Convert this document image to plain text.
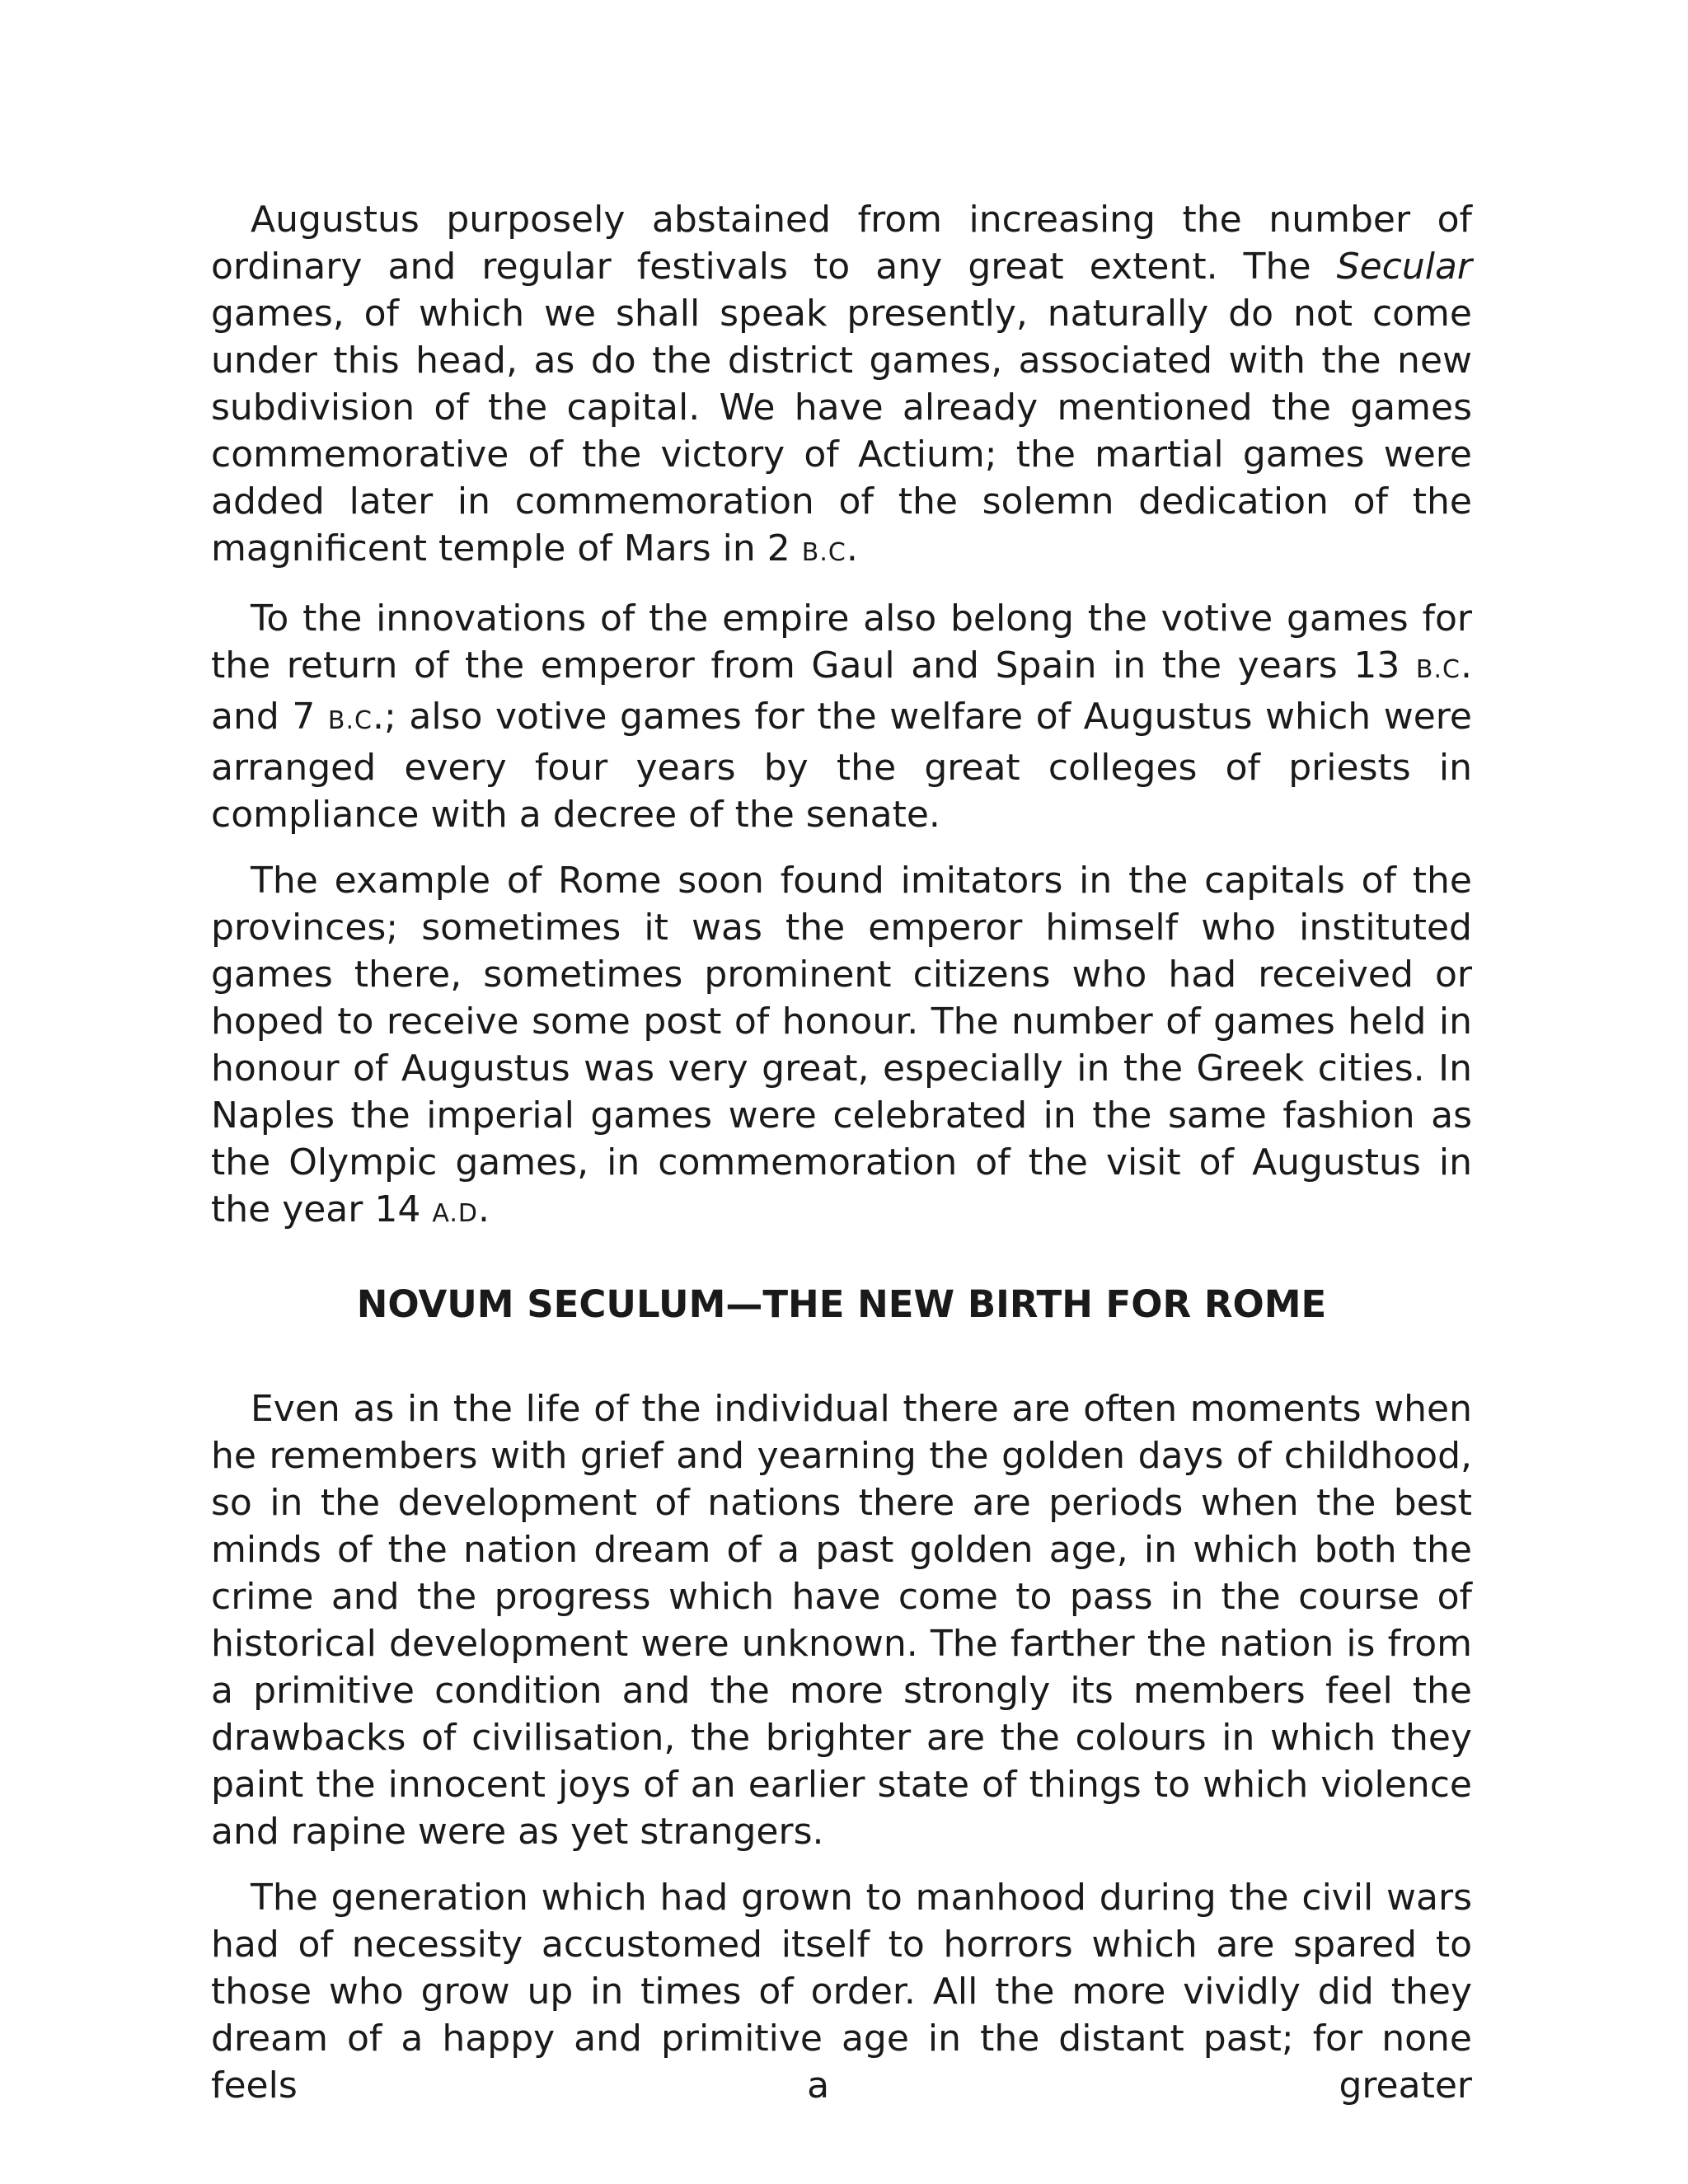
Augustus purposely abstained from increasing the number of ordinary and regular festivals to any great extent. The Secular games, of which we shall speak presently, naturally do not come under this head, as do the district games, associated with the new subdivision of the capital. We have already mentioned the games commemorative of the victory of Actium; the martial games were added later in commemoration of the solemn dedication of the magnificent temple of Mars in 2 B.C.

To the innovations of the empire also belong the votive games for the return of the emperor from Gaul and Spain in the years 13 B.C. and 7 B.C.; also votive games for the welfare of Augustus which were arranged every four years by the great colleges of priests in compliance with a decree of the senate.

The example of Rome soon found imitators in the capitals of the provinces; sometimes it was the emperor himself who instituted games there, sometimes prominent citizens who had received or hoped to receive some post of honour. The number of games held in honour of Augustus was very great, especially in the Greek cities. In Naples the imperial games were celebrated in the same fashion as the Olympic games, in commemoration of the visit of Augustus in the year 14 A.D.

NOVUM SECULUM—THE NEW BIRTH FOR ROME

Even as in the life of the individual there are often moments when he remembers with grief and yearning the golden days of childhood, so in the development of nations there are periods when the best minds of the nation dream of a past golden age, in which both the crime and the progress which have come to pass in the course of historical development were unknown. The farther the nation is from a primitive condition and the more strongly its members feel the drawbacks of civilisation, the brighter are the colours in which they paint the innocent joys of an earlier state of things to which violence and rapine were as yet strangers.

The generation which had grown to manhood during the civil wars had of necessity accustomed itself to horrors which are spared to those who grow up in times of order. All the more vividly did they dream of a happy and primitive age in the distant past; for none feels a greater
